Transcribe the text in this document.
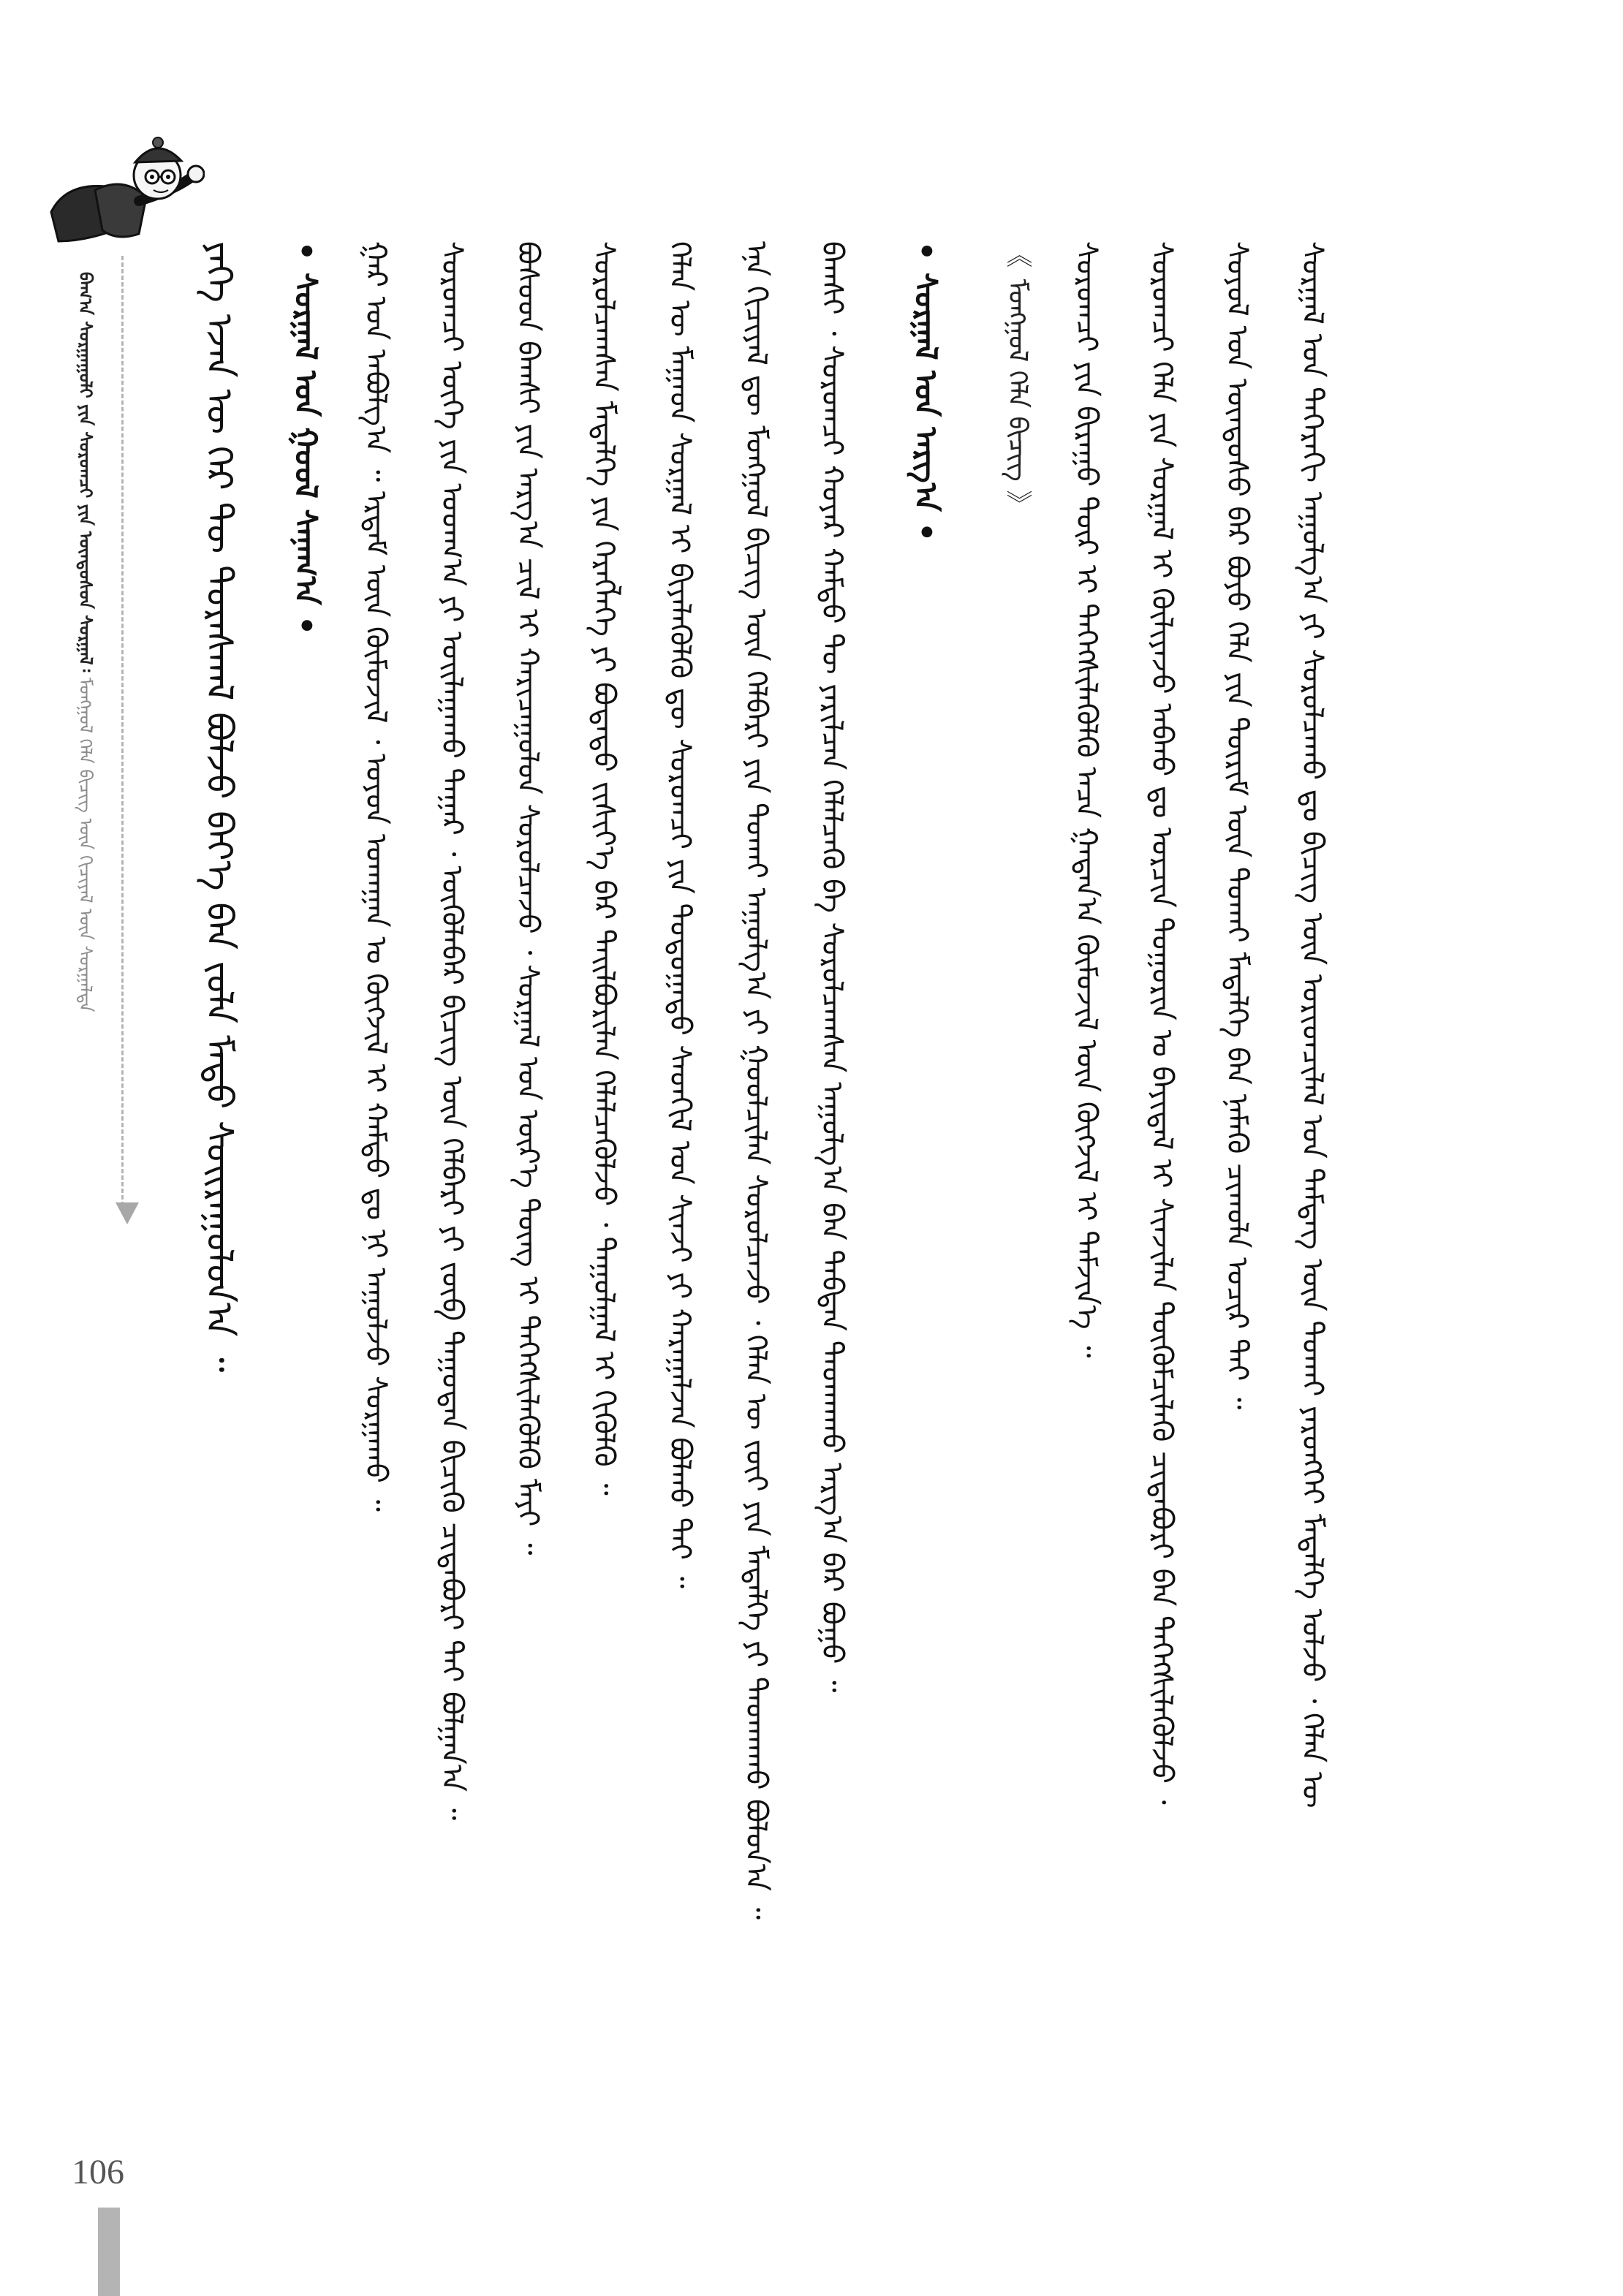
ᠪᠠᠭ᠎ᠠ ᠰᠤᠷᠭᠠᠭᠤᠯᠢ ᠶᠢᠨ ᠰᠤᠷᠤᠭᠴᠢ ᠶᠢᠨ ᠦᠨᠳᠦᠰᠦᠨ ᠰᠤᠷᠭᠠᠯ᠄ ᠮᠣᠩᠭᠣᠯ ᠬᠡᠯᠡ ᠪᠢᠴᠢᠭ ᠦᠨ ᠬᠢᠴᠢᠶᠡᠯ ᠦᠨ ᠰᠤᠷᠭᠠᠯᠲᠠ	ᠶᠡᠬᠡ ᠡᠵᠡᠨ ᠦ ᠭᠡᠷ ᠲᠦ ᠳᠤᠷᠠᠰᠬᠠᠯ ᠪᠣᠯᠵᠤ ᠪᠡᠶ᠎ᠡ ᠪᠡᠨ ᠵᠤᠯᠠ ᠮᠡᠲᠦ ᠰᠤᠢᠷᠠᠭᠤᠯᠤᠨ᠎ᠠ ᠃ •ᠰᠤᠷᠭᠠᠯ ᠤᠨ ᠭᠣᠣᠯ ᠰᠠᠨᠠᠭ᠎ᠠ • ᠭᠠᠷ ᠤᠨ ᠠᠪᠤᠯᠭ᠎ᠠ ᠃ ᠡᠷᠳᠡᠮ ᠦᠨ ᠬᠦᠮᠦᠵᠢᠯ ᠂ ᠣᠶᠤᠨ ᠤᠬᠠᠭᠠᠨ ᠤ ᠬᠥᠭᠵᠢᠯ ᠢ ᠬᠠᠮᠲᠤ ᠳᠤ ᠨᠢ ᠠᠭᠤᠯᠵᠤ ᠰᠤᠷᠭᠠᠬᠤ ᠃ ᠰᠤᠷᠤᠭᠴᠢ ᠦᠭᠡ ᠶᠢᠨ ᠤᠳᠬ᠎ᠠ ᠶᠢ ᠣᠢᠯᠠᠭᠠᠬᠤ ᠳᠠᠭᠠᠷ ᠂ ᠥᠬᠦᠯᠡᠪᠡᠷ ᠪᠢᠴᠢᠭ ᠦᠨ ᠬᠡᠯᠪᠡᠷᠢ ᠶᠢ ᠵᠥᠪ ᠳᠠᠭᠤᠳᠠᠨ ᠪᠢᠴᠢᠬᠦ ᠴᠢᠳᠠᠪᠤᠷᠢ ᠲᠠᠢ ᠪᠣᠯᠭᠠᠨ᠎ᠠ ᠃ ᠪᠤᠰᠤᠳ ᠪᠠᠭᠰᠢ ᠶᠢᠨ ᠠᠷᠭ᠎ᠠ ᠴᠢᠯ ᠢ ᠬᠠᠷᠢᠴᠠᠭᠤᠯᠤᠨ ᠰᠤᠷᠤᠯᠴᠠᠵᠤ ᠂ ᠰᠤᠷᠭᠠᠯ ᠤᠨ ᠦᠷ᠎ᠡ ᠳᠦᠩ ᠢ ᠳᠡᠭᠡᠭᠰᠢᠯᠡᠭᠦᠯᠬᠦ ᠮᠠᠶᠢ ᠃ ᠰᠤᠷᠤᠯᠴᠠᠭᠰᠠᠨ ᠮᠡᠳᠡᠯᠭᠡ ᠶᠢᠨ ᠬᠡᠷᠡᠭᠯᠡᠭᠡ ᠶᠢ ᠪᠣᠳᠠᠲᠤ ᠵᠢᠱᠢᠶ᠎ᠡ ᠪᠡᠷ ᠲᠠᠢᠯᠪᠤᠷᠢᠯᠠᠨ ᠬᠡᠯᠡᠯᠴᠡᠭᠦᠯᠵᠦ ᠂ ᠳᠠᠭᠤᠯᠭᠠᠯ ᠢ ᠬᠢᠭᠦᠯᠬᠦ ᠃ ᠬᠡᠯᠡᠨ ᠦ ᠮᠠᠭᠠᠳ ᠰᠤᠷᠭᠠᠯ ᠢ ᠪᠢᠶᠡᠯᠡᠭᠦᠯᠬᠦ ᠳᠦ ᠰᠤᠷᠤᠭᠴᠢ ᠶᠢᠨ ᠳᠣᠲᠣᠭᠠᠳᠤ ᠰᠡᠳᠬᠢᠯ ᠤᠨ ᠰᠢᠨᠵᠢ ᠶᠢ ᠬᠠᠷᠠᠭᠠᠯᠵᠠᠨ ᠪᠤᠯᠬᠤ ᠲᠠᠢ ᠃ ᠡᠨᠡ ᠬᠢᠴᠢᠶᠡᠯ ᠳᠦ ᠮᠣᠩᠭᠣᠯ ᠪᠢᠴᠢᠭ ᠦᠨ ᠬᠡᠯᠪᠡᠷᠢ ᠶᠢᠨ ᠲᠤᠬᠠᠢ ᠠᠭᠤᠯᠭ᠎ᠠ ᠶᠢ ᠭᠣᠣᠯᠴᠢᠯᠠᠨ ᠰᠤᠷᠤᠯᠴᠠᠵᠤ ᠂ ᠬᠡᠯᠡᠨ ᠦ ᠵᠦᠢ ᠶᠢᠨ ᠮᠡᠳᠡᠯᠭᠡ ᠶᠢ ᠳᠠᠳᠬᠠᠬᠤ ᠪᠤᠯᠤᠨ᠎ᠠ ᠃ ᠪᠠᠭᠰᠢ ᠂ ᠰᠤᠷᠤᠭᠴᠢ ᠬᠣᠶᠠᠷ ᠬᠠᠮᠲᠤ ᠲᠦ ᠶᠠᠷᠢᠯᠴᠠᠨ ᠬᠡᠯᠡᠯᠴᠡᠬᠦ ᠪᠠ ᠰᠤᠷᠤᠯᠴᠠᠭᠰᠠᠨ ᠠᠭᠤᠯᠭ᠎ᠠ ᠪᠠᠨ ᠳᠠᠪᠲᠠᠨ ᠳᠠᠳᠬᠠᠬᠤ ᠠᠷᠭ᠎ᠠ ᠪᠠᠷ ᠪᠤᠭᠤ ᠃ •ᠰᠤᠷᠭᠠᠯ ᠤᠨ ᠠᠷᠭ᠎ᠠ •
《 ᠮᠣᠩᠭᠣᠯ ᠬᠡᠯᠡ ᠪᠢᠴᠢᠭ 》 ᠰᠤᠷᠤᠭᠴᠢ ᠶᠢᠨ ᠪᠢᠷᠠᠭᠤ ᠳᠦᠷ ᠢ ᠳᠡᠭᠡᠭᠰᠢᠯᠡᠭᠦᠯᠬᠦ ᠠᠴᠠ ᠭᠠᠳᠠᠨ᠎ᠠ ᠬᠦᠮᠦᠵᠢᠯ ᠦᠨ ᠬᠥᠭᠵᠢᠯ ᠢ ᠳᠡᠮᠵᠢᠨ᠎ᠡ ᠃ ᠰᠤᠷᠤᠭᠴᠢ ᠬᠡᠯᠡ ᠶᠢᠨ ᠰᠤᠷᠭᠠᠯ ᠢ ᠬᠦᠯᠢᠶᠡᠵᠤ ᠠᠪᠬᠤ ᠳᠤ ᠣᠷᠴᠢᠨ ᠲᠣᠭᠣᠷᠢᠨ ᠤ ᠪᠠᠶᠢᠳᠠᠯ ᠢ ᠰᠢᠨᠵᠢᠯᠡᠨ ᠳᠦᠭᠦᠮᠴᠢᠯᠡᠬᠦ ᠴᠢᠳᠠᠪᠤᠷᠢ ᠪᠡᠨ ᠳᠡᠭᠡᠭᠰᠢᠯᠡᠭᠦᠯᠵᠦ ᠂ ᠰᠣᠶᠣᠯ ᠤᠨ ᠦᠨᠳᠦᠰᠦ ᠪᠠᠷ ᠪᠤᠶᠤ ᠬᠡᠯᠡ ᠶᠢᠨ ᠳᠦᠷᠢᠮ ᠦᠨ ᠲᠤᠬᠠᠢ ᠮᠡᠳᠡᠯᠭᠡ ᠪᠡᠨ ᠨᠡᠮᠡᠬᠦ ᠴᠢᠬᠤᠯᠠ ᠤᠴᠢᠷ ᠲᠠᠢ ᠃ ᠰᠤᠷᠭᠠᠯ ᠤᠨ ᠳᠡᠭᠡᠷᠡᠬᠢ ᠠᠭᠤᠯᠭ᠎ᠠ ᠶᠢ ᠰᠤᠷᠤᠯᠴᠠᠬᠤ ᠳᠤ ᠪᠢᠴᠢᠭ ᠦᠨ ᠤᠷᠢᠳᠴᠢᠯᠠᠯ ᠤᠨ ᠲᠡᠮᠳᠡᠭ ᠦᠨ ᠲᠤᠬᠠᠢ ᠶᠡᠷᠦᠩᠬᠡᠢ ᠮᠡᠳᠡᠯᠭᠡ ᠣᠯᠵᠤ ᠂ ᠬᠡᠯᠡᠨ ᠦ
106
